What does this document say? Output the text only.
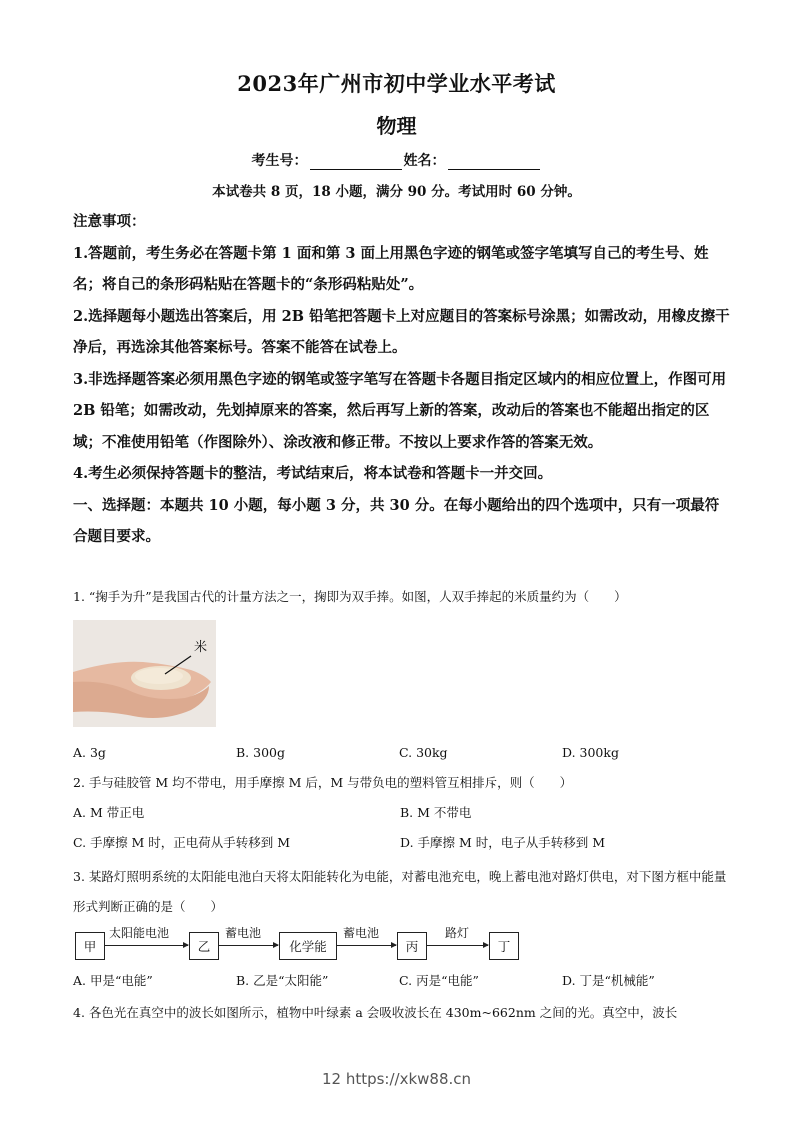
2023年广州市初中学业水平考试
物理
考生号：	姓名：
本试卷共 8 页，18 小题，满分 90 分。考试用时 60 分钟。

注意事项：

1.答题前，考生务必在答题卡第 1 面和第 3 面上用黑色字迹的钢笔或签字笔填写自己的考生号、姓名；将自己的条形码粘贴在答题卡的“条形码粘贴处”。

2.选择题每小题选出答案后，用 2B 铅笔把答题卡上对应题目的答案标号涂黑；如需改动，用橡皮擦干净后，再选涂其他答案标号。答案不能答在试卷上。

3.非选择题答案必须用黑色字迹的钢笔或签字笔写在答题卡各题目指定区域内的相应位置上，作图可用 2B 铅笔；如需改动，先划掉原来的答案，然后再写上新的答案，改动后的答案也不能超出指定的区域；不准使用铅笔（作图除外）、涂改液和修正带。不按以上要求作答的答案无效。

4.考生必须保持答题卡的整洁，考试结束后，将本试卷和答题卡一并交回。

一、选择题：本题共 10 小题，每小题 3 分，共 30 分。在每小题给出的四个选项中，只有一项最符合题目要求。

1. “掬手为升”是我国古代的计量方法之一，掬即为双手捧。如图，人双手捧起的米质量约为（　　）

米
A. 3g	B. 300g	C. 30kg	D. 300kg

2. 手与硅胶管 M 均不带电，用手摩擦 M 后，M 与带负电的塑料管互相排斥，则（　　）

A. M 带正电	B. M 不带电
C. 手摩擦 M 时，正电荷从手转移到 M	D. 手摩擦 M 时，电子从手转移到 M

3. 某路灯照明系统的太阳能电池白天将太阳能转化为电能，对蓄电池充电，晚上蓄电池对路灯供电，对下图方框中能量形式判断正确的是（　　）

甲
太阳能电池
乙
蓄电池
化学能
蓄电池
丙
路灯
丁
A. 甲是“电能”	B. 乙是“太阳能”	C. 丙是“电能”	D. 丁是“机械能”

4. 各色光在真空中的波长如图所示，植物中叶绿素 a 会吸收波长在 430m~662nm 之间的光。真空中，波长

12 https://xkw88.cn
